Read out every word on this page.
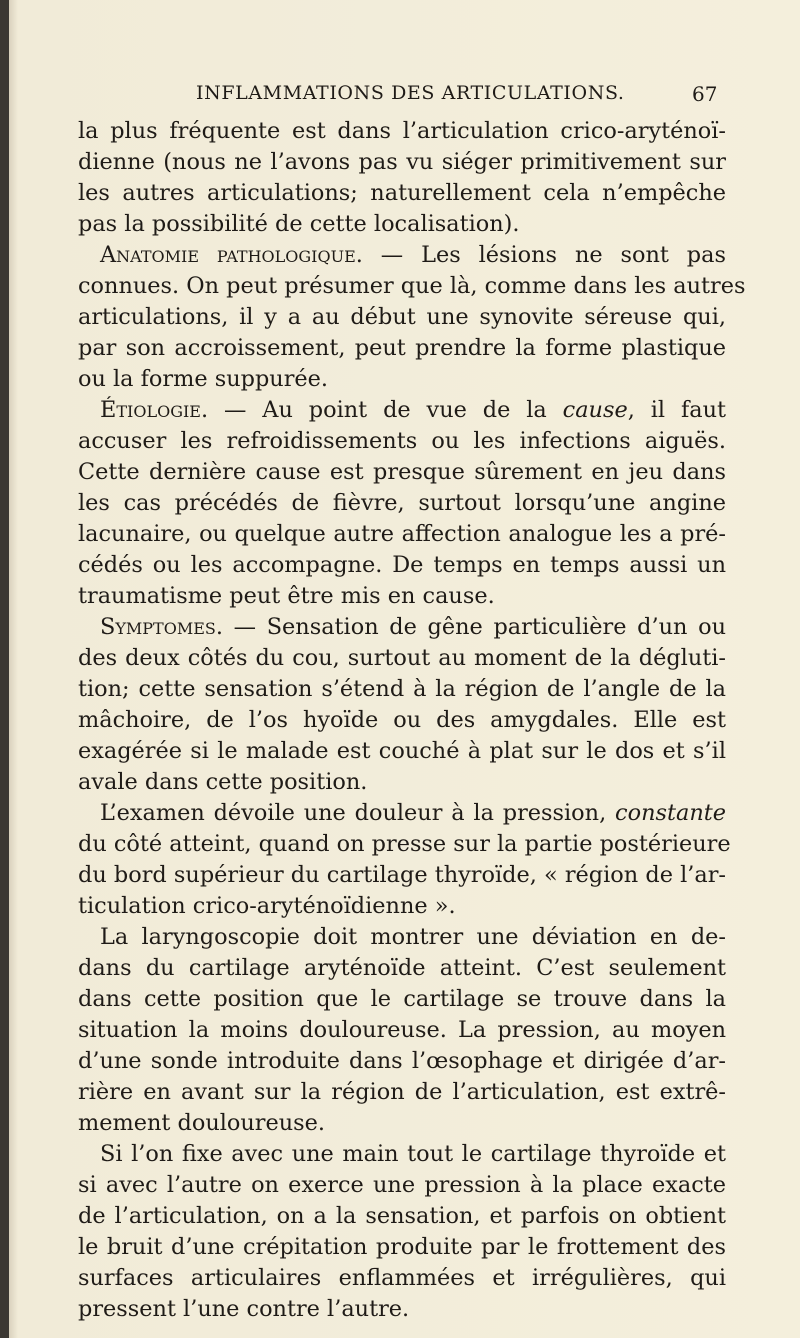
INFLAMMATIONS DES ARTICULATIONS.	67
la plus fréquente est dans l’articulation crico-aryténoï-
dienne (nous ne l’avons pas vu siéger primitivement sur
les autres articulations; naturellement cela n’empêche
pas la possibilité de cette localisation).
Anatomie pathologique. — Les lésions ne sont pas
connues. On peut présumer que là, comme dans les autres
articulations, il y a au début une synovite séreuse qui,
par son accroissement, peut prendre la forme plastique
ou la forme suppurée.
Étiologie. — Au point de vue de la cause, il faut
accuser les refroidissements ou les infections aiguës.
Cette dernière cause est presque sûrement en jeu dans
les cas précédés de fièvre, surtout lorsqu’une angine
lacunaire, ou quelque autre affection analogue les a pré-
cédés ou les accompagne. De temps en temps aussi un
traumatisme peut être mis en cause.
Symptomes. — Sensation de gêne particulière d’un ou
des deux côtés du cou, surtout au moment de la dégluti-
tion; cette sensation s’étend à la région de l’angle de la
mâchoire, de l’os hyoïde ou des amygdales. Elle est
exagérée si le malade est couché à plat sur le dos et s’il
avale dans cette position.
L’examen dévoile une douleur à la pression, constante
du côté atteint, quand on presse sur la partie postérieure
du bord supérieur du cartilage thyroïde, « région de l’ar-
ticulation crico-aryténoïdienne ».
La laryngoscopie doit montrer une déviation en de-
dans du cartilage aryténoïde atteint. C’est seulement
dans cette position que le cartilage se trouve dans la
situation la moins douloureuse. La pression, au moyen
d’une sonde introduite dans l’œsophage et dirigée d’ar-
rière en avant sur la région de l’articulation, est extrê-
mement douloureuse.
Si l’on fixe avec une main tout le cartilage thyroïde et
si avec l’autre on exerce une pression à la place exacte
de l’articulation, on a la sensation, et parfois on obtient
le bruit d’une crépitation produite par le frottement des
surfaces articulaires enflammées et irrégulières, qui
pressent l’une contre l’autre.
